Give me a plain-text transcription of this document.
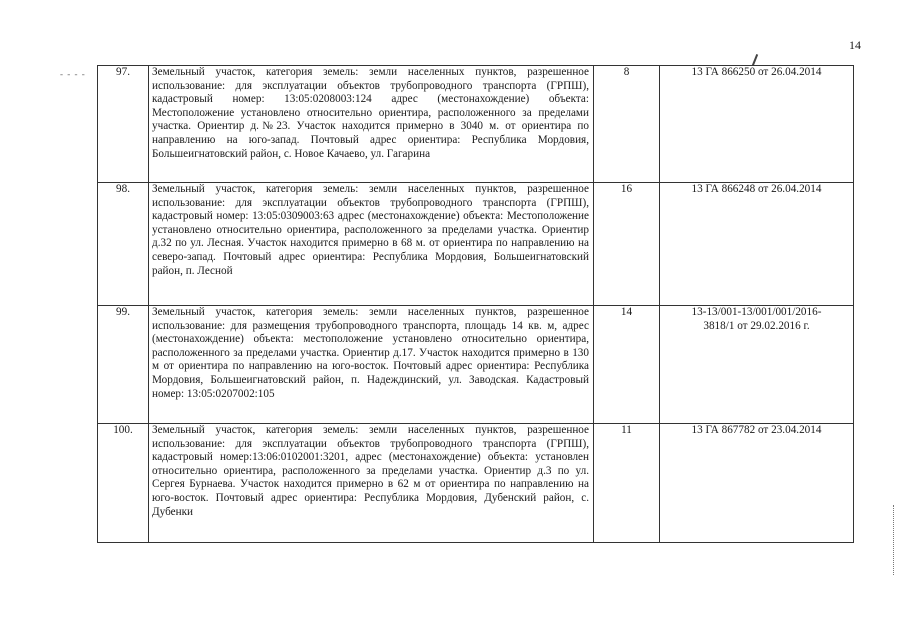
14
- - - -	97.	Земельный участок, категория земель: земли населенных пунктов, разрешенное использование: для эксплуатации объектов трубопроводного транспорта (ГРПШ), кадастровый номер: 13:05:0208003:124 адрес (местонахождение) объекта: Местоположение установлено относительно ориентира, расположенного за пределами участка. Ориентир д.№23. Участок находится примерно в 3040 м. от ориентира по направлению на юго-запад. Почтовый адрес ориентира: Республика Мордовия, Большеигнатовский район, с. Новое Качаево, ул. Гагарина	8	13 ГА 866250 от 26.04.2014
98.	Земельный участок, категория земель: земли населенных пунктов, разрешенное использование: для эксплуатации объектов трубопроводного транспорта (ГРПШ), кадастровый номер: 13:05:0309003:63 адрес (местонахождение) объекта: Местоположение установлено относительно ориентира, расположенного за пределами участка. Ориентир д.32 по ул. Лесная. Участок находится примерно в 68 м. от ориентира по направлению на северо-запад. Почтовый адрес ориентира: Республика Мордовия, Большеигнатовский район, п. Лесной	16	13 ГА 866248 от 26.04.2014
99.	Земельный участок, категория земель: земли населенных пунктов, разрешенное использование: для размещения трубопроводного транспорта, площадь 14 кв. м, адрес (местонахождение) объекта: местоположение установлено относительно ориентира, расположенного за пределами участка. Ориентир д.17. Участок находится примерно в 130 м от ориентира по направлению на юго-восток. Почтовый адрес ориентира: Республика Мордовия, Большеигнатовский район, п. Надеждинский, ул. Заводская. Кадастровый номер: 13:05:0207002:105	14	13-13/001-13/001/001/2016-
3818/1 от 29.02.2016 г.

100.	Земельный участок, категория земель: земли населенных пунктов, разрешенное использование: для эксплуатации объектов трубопроводного транспорта (ГРПШ), кадастровый номер:13:06:0102001:3201, адрес (местонахождение) объекта: установлен относительно ориентира, расположенного за пределами участка. Ориентир д.3 по ул. Сергея Бурнаева. Участок находится примерно в 62 м от ориентира по направлению на юго-восток. Почтовый адрес ориентира: Республика Мордовия, Дубенский район, с. Дубенки	11	13 ГА 867782 от 23.04.2014
